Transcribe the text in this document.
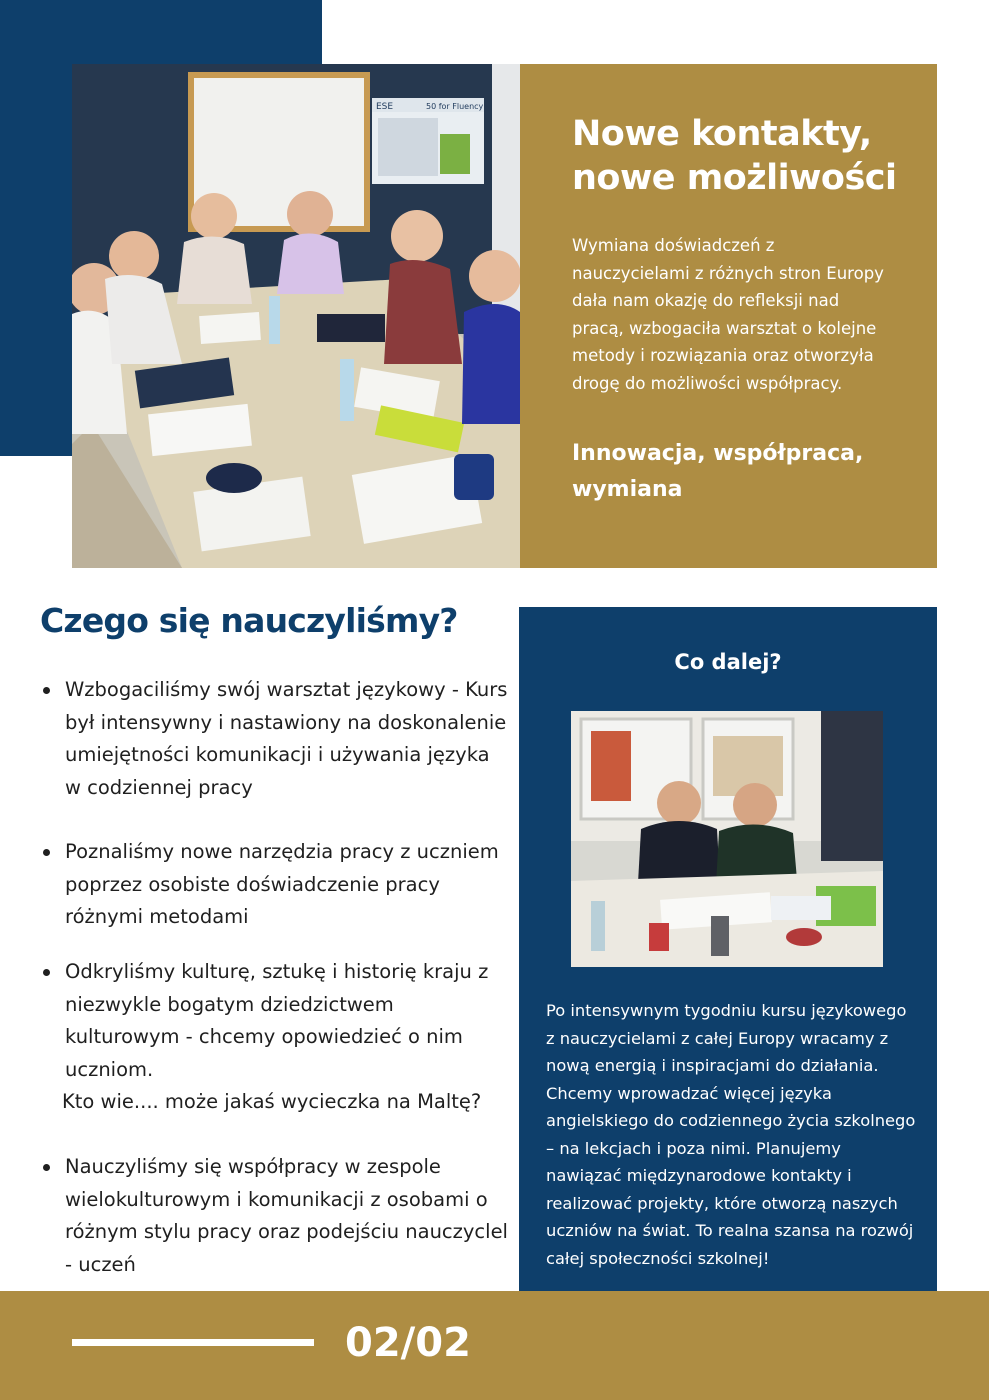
ESE	50 for Fluency
Nowe kontakty,
nowe możliwości

Wymiana doświadczeń z nauczycielami z różnych stron Europy dała nam okazję do refleksji nad pracą, wzbogaciła warsztat o kolejne metody i rozwiązania oraz otworzyła drogę do możliwości współpracy.

Innowacja, współpraca, wymiana

Czego się nauczyliśmy?
Wzbogaciliśmy swój warsztat językowy - Kurs był intensywny i nastawiony na doskonalenie umiejętności komunikacji i używania języka w codziennej pracy
Poznaliśmy nowe narzędzia pracy z uczniem poprzez osobiste doświadczenie pracy różnymi metodami
Odkryliśmy kulturę, sztukę i historię kraju z niezwykle bogatym dziedzictwem kulturowym - chcemy opowiedzieć o nim uczniom.
Kto wie.... może jakaś wycieczka na Maltę?
Nauczyliśmy się współpracy w zespole wielokulturowym i komunikacji z osobami o różnym stylu pracy oraz podejściu nauczyclel - uczeń
Co dalej?

Po intensywnym tygodniu kursu językowego z nauczycielami z całej Europy wracamy z nową energią i inspiracjami do działania. Chcemy wprowadzać więcej języka angielskiego do codziennego życia szkolnego – na lekcjach i poza nimi. Planujemy nawiązać międzynarodowe kontakty i realizować projekty, które otworzą naszych uczniów na świat. To realna szansa na rozwój całej społeczności szkolnej!

02/02
